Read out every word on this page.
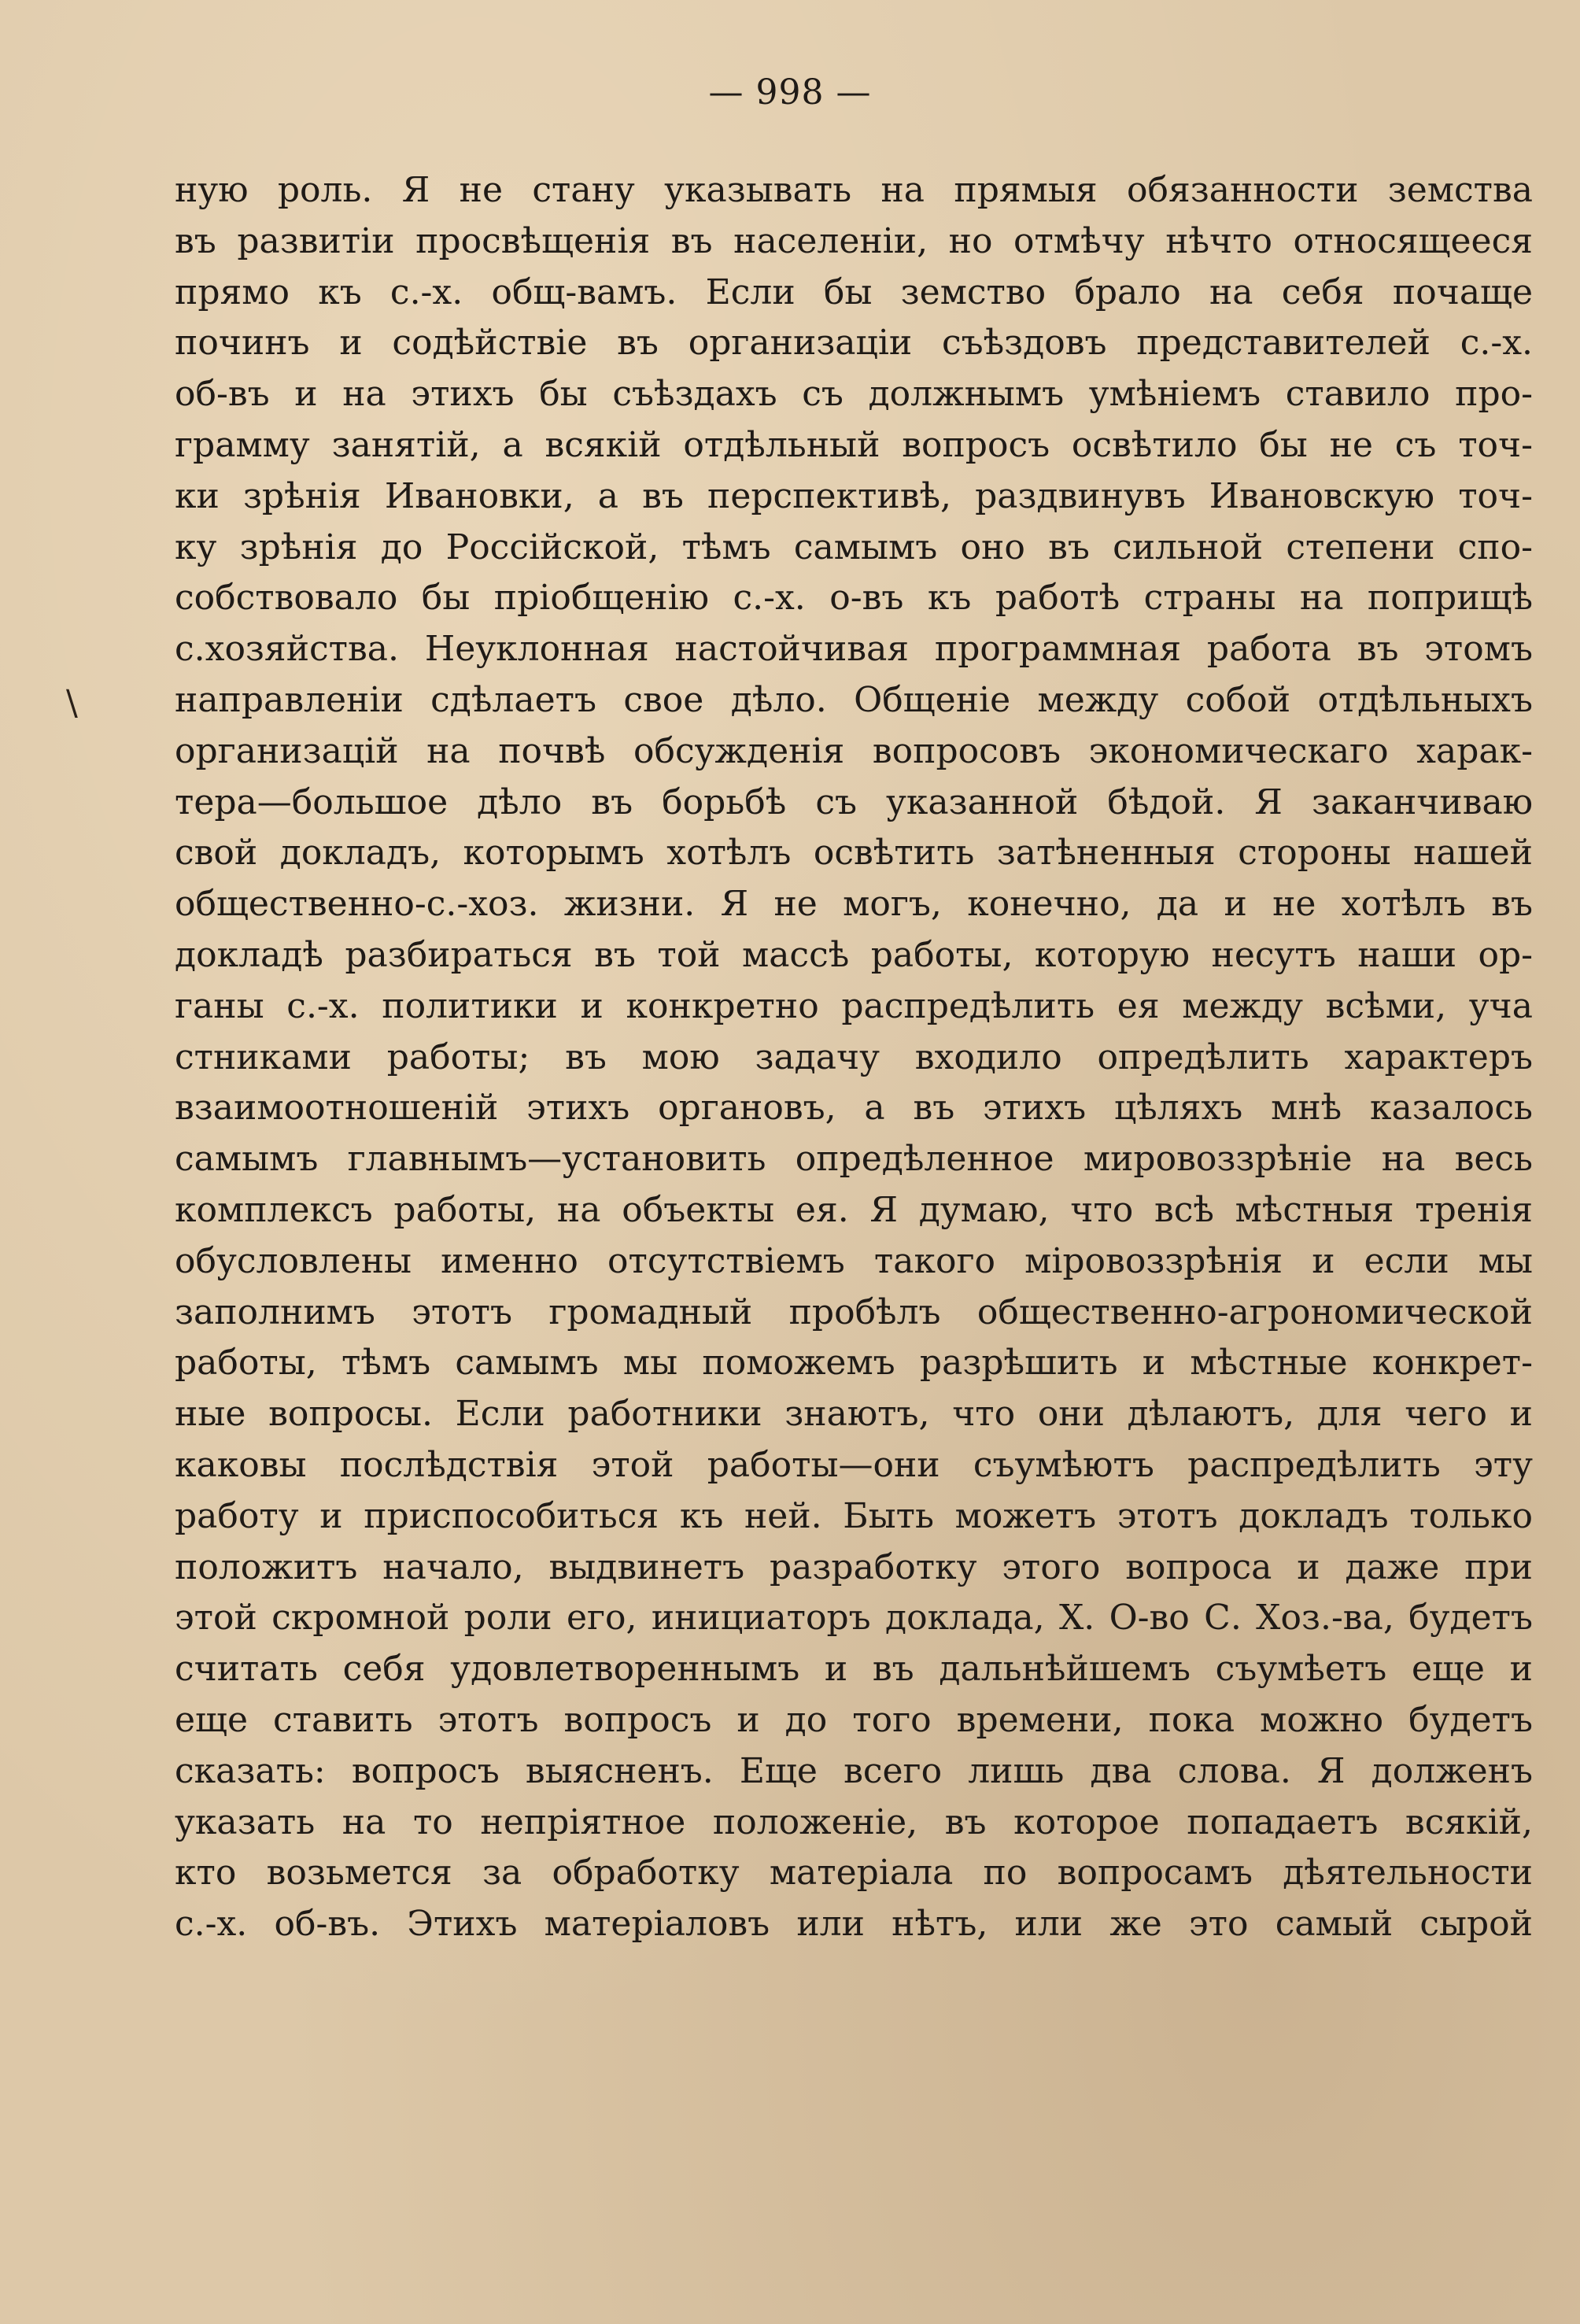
— 998 —
\
ную роль. Я не стану указывать на прямыя обязанности земства
въ развитiи просвѣщенiя въ населенiи, но отмѣчу нѣчто относящееся
прямо къ с.-х. общ-вамъ. Если бы земство брало на себя почаще
починъ и содѣйствiе въ организацiи съѣздовъ представителей с.-х.
об-въ и на этихъ бы съѣздахъ съ должнымъ умѣнiемъ ставило про-
грамму занятiй, а всякiй отдѣльный вопросъ освѣтило бы не съ точ-
ки зрѣнiя Ивановки, а въ перспективѣ, раздвинувъ Ивановскую точ-
ку зрѣнiя до Россiйской, тѣмъ самымъ оно въ сильной степени спо-
собствовало бы прiобщенiю с.-х. о-въ къ работѣ страны на поприщѣ
с.хозяйства. Неуклонная настойчивая программная работа въ этомъ
направленiи сдѣлаетъ свое дѣло. Общенiе между собой отдѣльныхъ
организацiй на почвѣ обсужденiя вопросовъ экономическаго харак-
тера—большое дѣло въ борьбѣ съ указанной бѣдой. Я заканчиваю
свой докладъ, которымъ хотѣлъ освѣтить затѣненныя стороны нашей
общественно-с.-хоз. жизни. Я не могъ, конечно, да и не хотѣлъ въ
докладѣ разбираться въ той массѣ работы, которую несутъ наши ор-
ганы с.-х. политики и конкретно распредѣлить ея между всѣми, уча
стниками работы; въ мою задачу входило опредѣлить характеръ
взаимоотношенiй этихъ органовъ, а въ этихъ цѣляхъ мнѣ казалось
самымъ главнымъ—установить опредѣленное мировоззрѣнiе на весь
комплексъ работы, на объекты ея. Я думаю, что всѣ мѣстныя тренiя
обусловлены именно отсутствiемъ такого мiровоззрѣнiя и если мы
заполнимъ этотъ громадный пробѣлъ общественно-агрономической
работы, тѣмъ самымъ мы поможемъ разрѣшить и мѣстные конкрет-
ные вопросы. Если работники знаютъ, что они дѣлаютъ, для чего и
каковы послѣдствiя этой работы—они съумѣютъ распредѣлить эту
работу и приспособиться къ ней. Быть можетъ этотъ докладъ только
положитъ начало, выдвинетъ разработку этого вопроса и даже при
этой скромной роли его, инициаторъ доклада, Х. О-во С. Хоз.-ва, будетъ
считать себя удовлетвореннымъ и въ дальнѣйшемъ съумѣетъ еще и
еще ставить этотъ вопросъ и до того времени, пока можно будетъ
сказать: вопросъ выясненъ. Еще всего лишь два слова. Я долженъ
указать на то непрiятное положенiе, въ которое попадаетъ всякiй,
кто возьмется за обработку матерiала по вопросамъ дѣятельности
с.-х. об-въ. Этихъ матерiаловъ или нѣтъ, или же это самый сырой
